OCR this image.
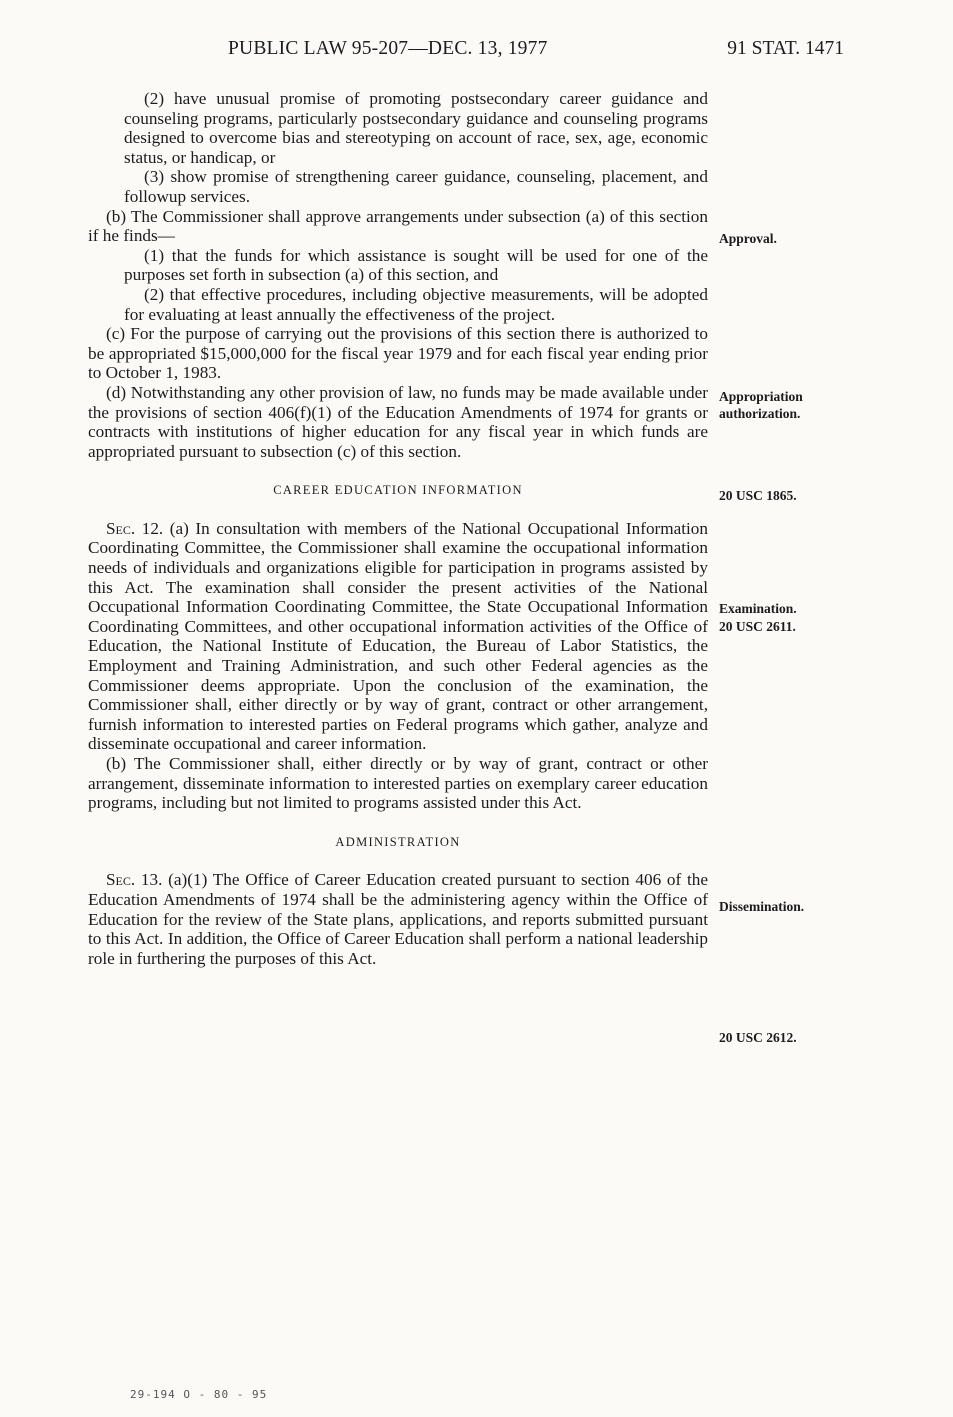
PUBLIC LAW 95-207—DEC. 13, 1977	91 STAT. 1471

(2) have unusual promise of promoting postsecondary career guidance and counseling programs, particularly postsecondary guidance and counseling programs designed to overcome bias and stereotyping on account of race, sex, age, economic status, or handicap, or

(3) show promise of strengthening career guidance, counseling, placement, and followup services.

(b) The Commissioner shall approve arrangements under subsection (a) of this section if he finds—

(1) that the funds for which assistance is sought will be used for one of the purposes set forth in subsection (a) of this section, and

(2) that effective procedures, including objective measurements, will be adopted for evaluating at least annually the effectiveness of the project.

(c) For the purpose of carrying out the provisions of this section there is authorized to be appropriated $15,000,000 for the fiscal year 1979 and for each fiscal year ending prior to October 1, 1983.

(d) Notwithstanding any other provision of law, no funds may be made available under the provisions of section 406(f)(1) of the Education Amendments of 1974 for grants or contracts with institutions of higher education for any fiscal year in which funds are appropriated pursuant to subsection (c) of this section.

CAREER EDUCATION INFORMATION

Sec. 12. (a) In consultation with members of the National Occupational Information Coordinating Committee, the Commissioner shall examine the occupational information needs of individuals and organizations eligible for participation in programs assisted by this Act. The examination shall consider the present activities of the National Occupational Information Coordinating Committee, the State Occupational Information Coordinating Committees, and other occupational information activities of the Office of Education, the National Institute of Education, the Bureau of Labor Statistics, the Employment and Training Administration, and such other Federal agencies as the Commissioner deems appropriate. Upon the conclusion of the examination, the Commissioner shall, either directly or by way of grant, contract or other arrangement, furnish information to interested parties on Federal programs which gather, analyze and disseminate occupational and career information.

(b) The Commissioner shall, either directly or by way of grant, contract or other arrangement, disseminate information to interested parties on exemplary career education programs, including but not limited to programs assisted under this Act.

ADMINISTRATION

Sec. 13. (a)(1) The Office of Career Education created pursuant to section 406 of the Education Amendments of 1974 shall be the administering agency within the Office of Education for the review of the State plans, applications, and reports submitted pursuant to this Act. In addition, the Office of Career Education shall perform a national leadership role in furthering the purposes of this Act.

Approval.
Appropriation
authorization.
20 USC 1865.
Examination.
20 USC 2611.
Dissemination.
20 USC 2612.
29-194 O - 80 - 95
